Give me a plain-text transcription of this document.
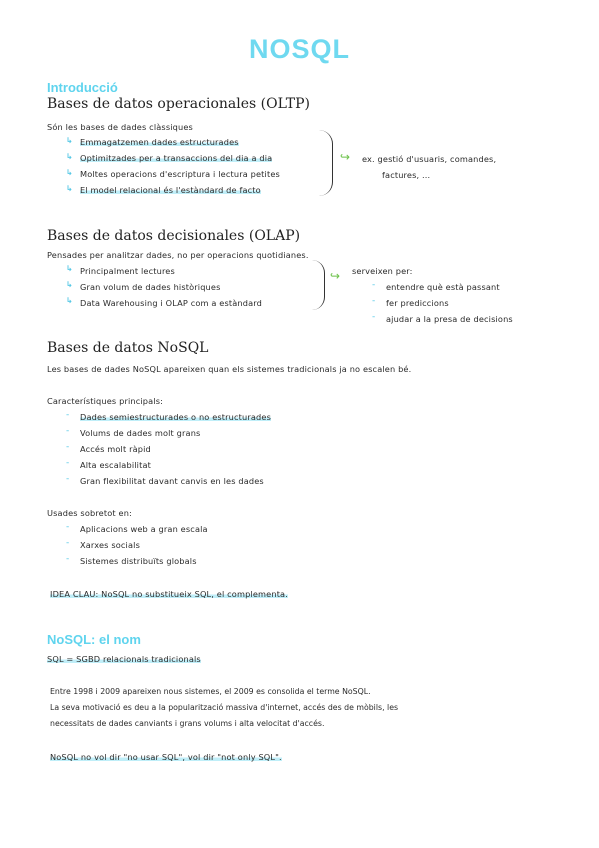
NOSQL
Introducció
Bases de datos operacionales (OLTP)
Són les bases de dades clàssiques
↳ Emmagatzemen dades estructurades
↳ Optimitzades per a transaccions del dia a dia
↳ Moltes operacions d'escriptura i lectura petites
↳ El model relacional és l'estàndard de facto
↪ ex. gestió d'usuaris, comandes,
factures, ...
Bases de datos decisionales (OLAP)
Pensades per analitzar dades, no per operacions quotidianes.
↳ Principalment lectures
↳ Gran volum de dades històriques
↳ Data Warehousing i OLAP com a estàndard
↪ serveixen per:
- entendre què està passant
- fer prediccions
- ajudar a la presa de decisions
Bases de datos NoSQL
Les bases de dades NoSQL apareixen quan els sistemes tradicionals ja no escalen bé.
Característiques principals:
- Dades semiestructurades o no estructurades
- Volums de dades molt grans
- Accés molt ràpid
- Alta escalabilitat
- Gran flexibilitat davant canvis en les dades
Usades sobretot en:
- Aplicacions web a gran escala
- Xarxes socials
- Sistemes distribuïts globals
IDEA CLAU: NoSQL no substitueix SQL, el complementa.
NoSQL: el nom
SQL = SGBD relacionals tradicionals
Entre 1998 i 2009 apareixen nous sistemes, el 2009 es consolida el terme NoSQL.
La seva motivació es deu a la popularització massiva d'internet, accés des de mòbils, les
necessitats de dades canviants i grans volums i alta velocitat d'accés.
NoSQL no vol dir "no usar SQL", vol dir "not only SQL".
